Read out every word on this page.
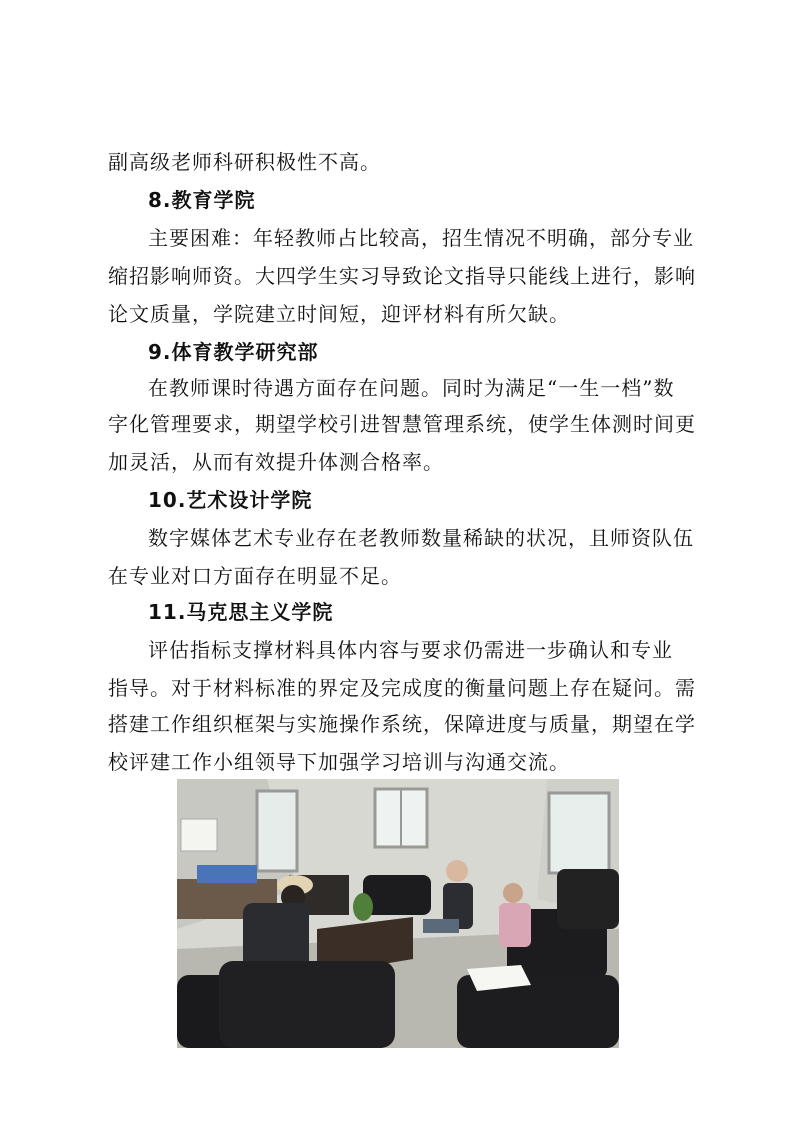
副高级老师科研积极性不高。
8.教育学院
主要困难：年轻教师占比较高，招生情况不明确，部分专业
缩招影响师资。大四学生实习导致论文指导只能线上进行，影响
论文质量，学院建立时间短，迎评材料有所欠缺。
9.体育教学研究部
在教师课时待遇方面存在问题。同时为满足“一生一档”数
字化管理要求，期望学校引进智慧管理系统，使学生体测时间更
加灵活，从而有效提升体测合格率。
10.艺术设计学院
数字媒体艺术专业存在老教师数量稀缺的状况，且师资队伍
在专业对口方面存在明显不足。
11.马克思主义学院
评估指标支撑材料具体内容与要求仍需进一步确认和专业
指导。对于材料标准的界定及完成度的衡量问题上存在疑问。需
搭建工作组织框架与实施操作系统，保障进度与质量，期望在学
校评建工作小组领导下加强学习培训与沟通交流。
